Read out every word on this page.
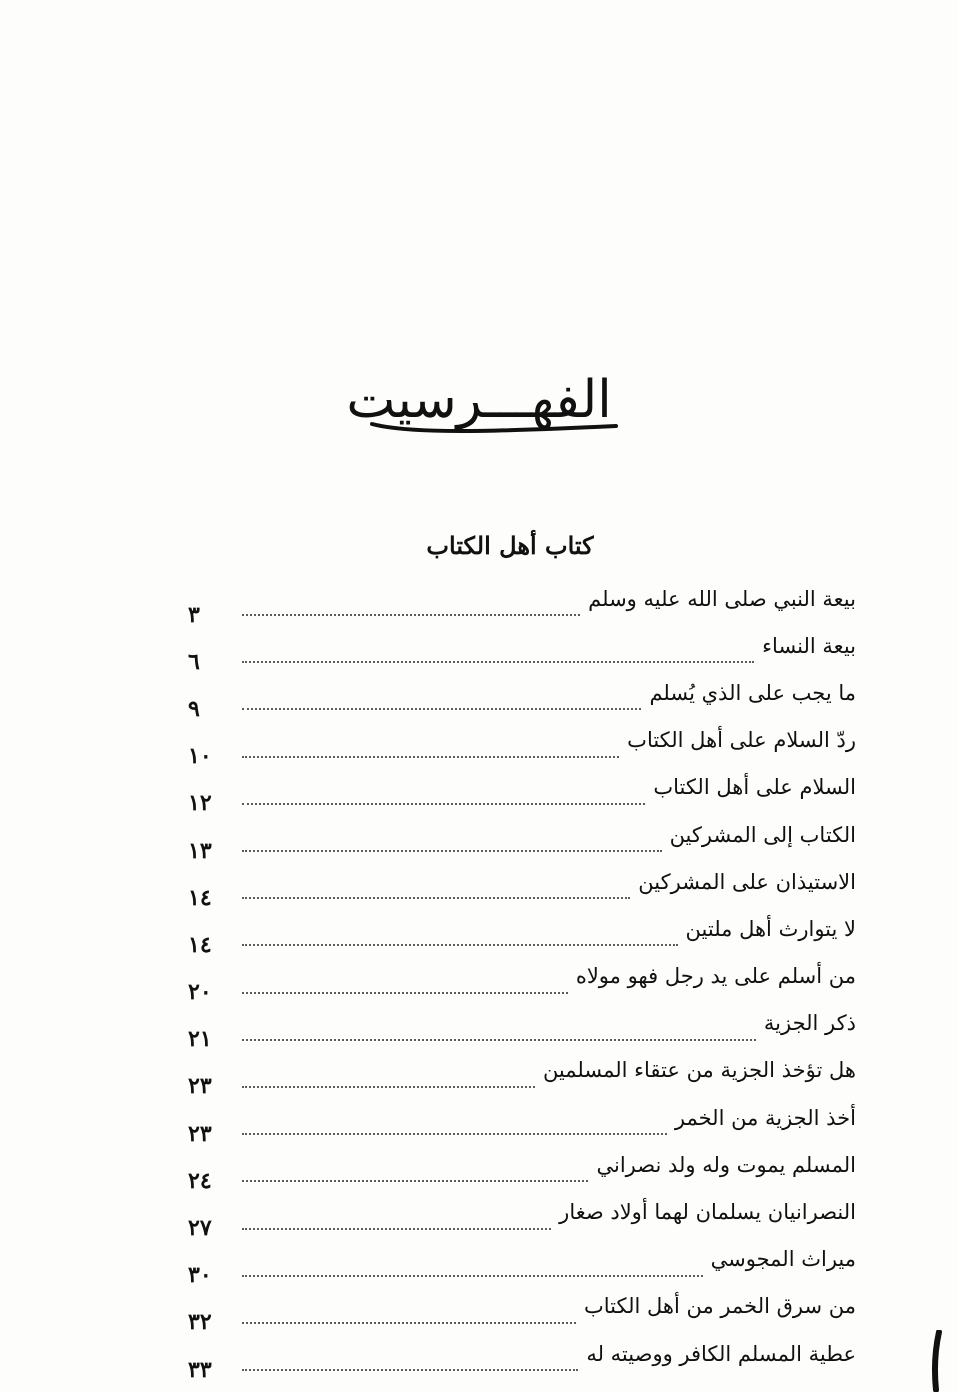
الفهـــرسيت
كتاب أهل الكتاب
٣
بيعة النبي صلى الله عليه وسلم
٦
بيعة النساء
٩
ما يجب على الذي يُسلم
١٠
ردّ السلام على أهل الكتاب
١٢
السلام على أهل الكتاب
١٣
الكتاب إلى المشركين
١٤
الاستيذان على المشركين
١٤
لا يتوارث أهل ملتين
٢٠
من أسلم على يد رجل فهو مولاه
٢١
ذكر الجزية
٢٣
هل تؤخذ الجزية من عتقاء المسلمين
٢٣
أخذ الجزية من الخمر
٢٤
المسلم يموت وله ولد نصراني
٢٧
النصرانيان يسلمان لهما أولاد صغار
٣٠
ميراث المجوسي
٣٢
من سرق الخمر من أهل الكتاب
٣٣
عطية المسلم الكافر ووصيته له
